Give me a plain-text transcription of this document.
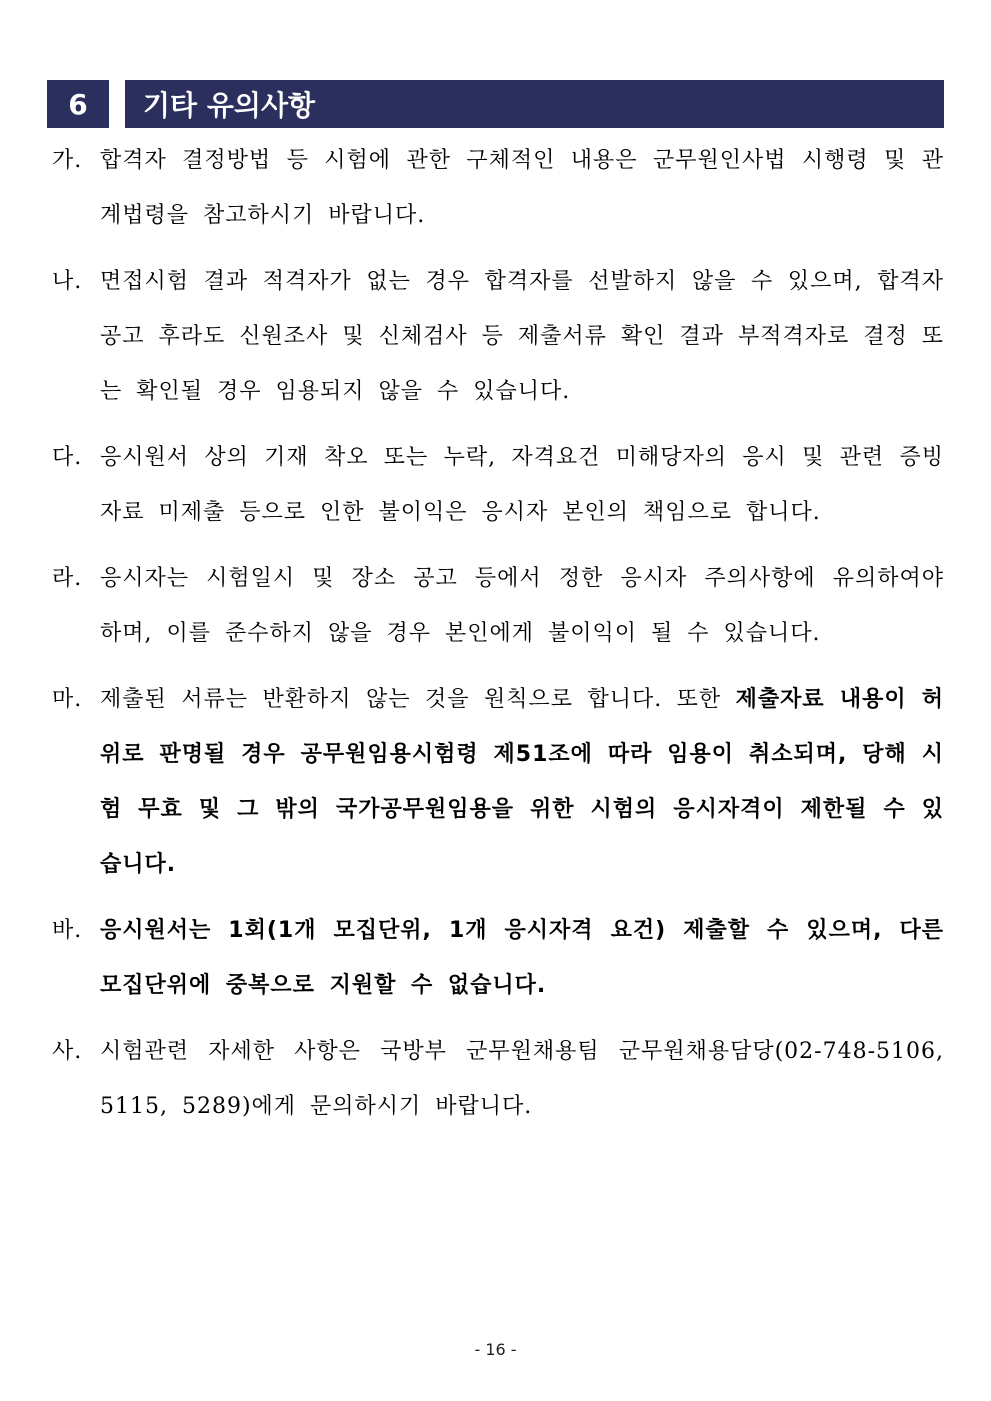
6	기타 유의사항
가. 합격자 결정방법 등 시험에 관한 구체적인 내용은 군무원인사법 시행령 및 관계법령을 참고하시기 바랍니다.
나. 면접시험 결과 적격자가 없는 경우 합격자를 선발하지 않을 수 있으며, 합격자 공고 후라도 신원조사 및 신체검사 등 제출서류 확인 결과 부적격자로 결정 또는 확인될 경우 임용되지 않을 수 있습니다.
다. 응시원서 상의 기재 착오 또는 누락, 자격요건 미해당자의 응시 및 관련 증빙 자료 미제출 등으로 인한 불이익은 응시자 본인의 책임으로 합니다.
라. 응시자는 시험일시 및 장소 공고 등에서 정한 응시자 주의사항에 유의하여야 하며, 이를 준수하지 않을 경우 본인에게 불이익이 될 수 있습니다.
마. 제출된 서류는 반환하지 않는 것을 원칙으로 합니다. 또한 제출자료 내용이 허위로 판명될 경우 공무원임용시험령 제51조에 따라 임용이 취소되며, 당해 시험 무효 및 그 밖의 국가공무원임용을 위한 시험의 응시자격이 제한될 수 있습니다.
바. 응시원서는 1회(1개 모집단위, 1개 응시자격 요건) 제출할 수 있으며, 다른 모집단위에 중복으로 지원할 수 없습니다.
사. 시험관련 자세한 사항은 국방부 군무원채용팀 군무원채용담당(02-748-5106, 5115, 5289)에게 문의하시기 바랍니다.
- 16 -
